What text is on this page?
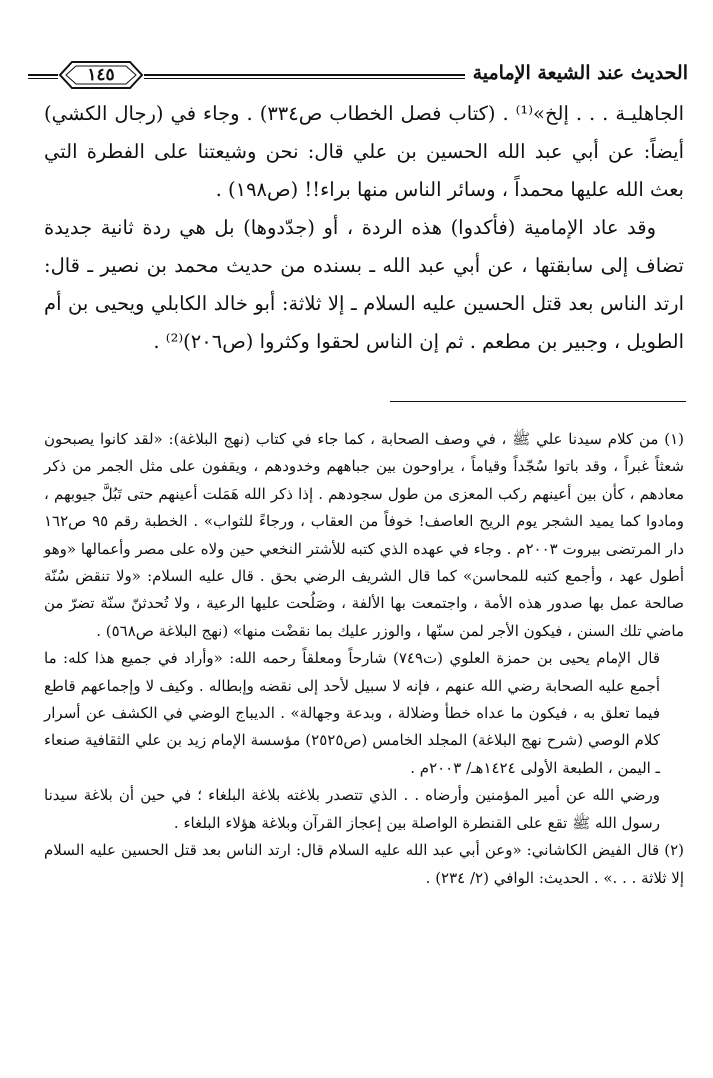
الحديث عند الشيعة الإمامية
١٤٥

الجاهليـة . . . إلخ»⁽¹⁾ . (كتاب فصل الخطاب ص٣٣٤) . وجاء في (رجال الكشي) أيضاً: عن أبي عبد الله الحسين بن علي قال: نحن وشيعتنا على الفطرة التي بعث الله عليها محمداً ، وسائر الناس منها براء!! (ص١٩٨) .

وقد عاد الإمامية (فأكدوا) هذه الردة ، أو (جدّدوها) بل هي ردة ثانية جديدة تضاف إلى سابقتها ، عن أبي عبد الله ـ بسنده من حديث محمد بن نصير ـ قال: ارتد الناس بعد قتل الحسين عليه السلام ـ إلا ثلاثة: أبو خالد الكابلي ويحيى بن أم الطويل ، وجبير بن مطعم . ثم إن الناس لحقوا وكثروا (ص٢٠٦)⁽²⁾ .

(١) من كلام سيدنا علي ﷺ ، في وصف الصحابة ، كما جاء في كتاب (نهج البلاغة): «لقد كانوا يصبحون شعثاً غبراً ، وقد باتوا سُجّداً وقياماً ، يراوحون بين جباههم وخدودهم ، ويقفون على مثل الجمر من ذكر معادهم ، كأن بين أعينهم ركب المعزى من طول سجودهم . إذا ذكر الله هَمَلت أعينهم حتى تَبُلَّ جيوبهم ، ومادوا كما يميد الشجر يوم الريح العاصف! خوفاً من العقاب ، ورجاءً للثواب» . الخطبة رقم ٩٥ ص١٦٢ دار المرتضى بيروت ٢٠٠٣م . وجاء في عهده الذي كتبه للأشتر النخعي حين ولاه على مصر وأعمالها «وهو أطول عهد ، وأجمع كتبه للمحاسن» كما قال الشريف الرضي بحق . قال عليه السلام: «ولا تنقض سُنّة صالحة عمل بها صدور هذه الأمة ، واجتمعت بها الألفة ، وصَلُحت عليها الرعية ، ولا تُحدثنّ سنّة تضرّ من ماضي تلك السنن ، فيكون الأجر لمن سنّها ، والوزر عليك بما نقضْت منها» (نهج البلاغة ص٥٦٨) .

قال الإمام يحيى بن حمزة العلوي (ت٧٤٩) شارحاً ومعلقاً رحمه الله: «وأراد في جميع هذا كله: ما أجمع عليه الصحابة رضي الله عنهم ، فإنه لا سبيل لأحد إلى نقضه وإبطاله . وكيف لا وإجماعهم قاطع فيما تعلق به ، فيكون ما عداه خطأ وضلالة ، وبدعة وجهالة» . الديباج الوضي في الكشف عن أسرار كلام الوصي (شرح نهج البلاغة) المجلد الخامس (ص٢٥٢٥) مؤسسة الإمام زيد بن علي الثقافية صنعاء ـ اليمن ، الطبعة الأولى ١٤٢٤هـ/ ٢٠٠٣م .

ورضي الله عن أمير المؤمنين وأرضاه . . الذي تتصدر بلاغته بلاغة البلغاء ؛ في حين أن بلاغة سيدنا رسول الله ﷺ تقع على القنطرة الواصلة بين إعجاز القرآن وبلاغة هؤلاء البلغاء .

(٢) قال الفيض الكاشاني: «وعن أبي عبد الله عليه السلام قال: ارتد الناس بعد قتل الحسين عليه السلام إلا ثلاثة . . .» . الحديث: الوافي (٢/ ٢٣٤) .
